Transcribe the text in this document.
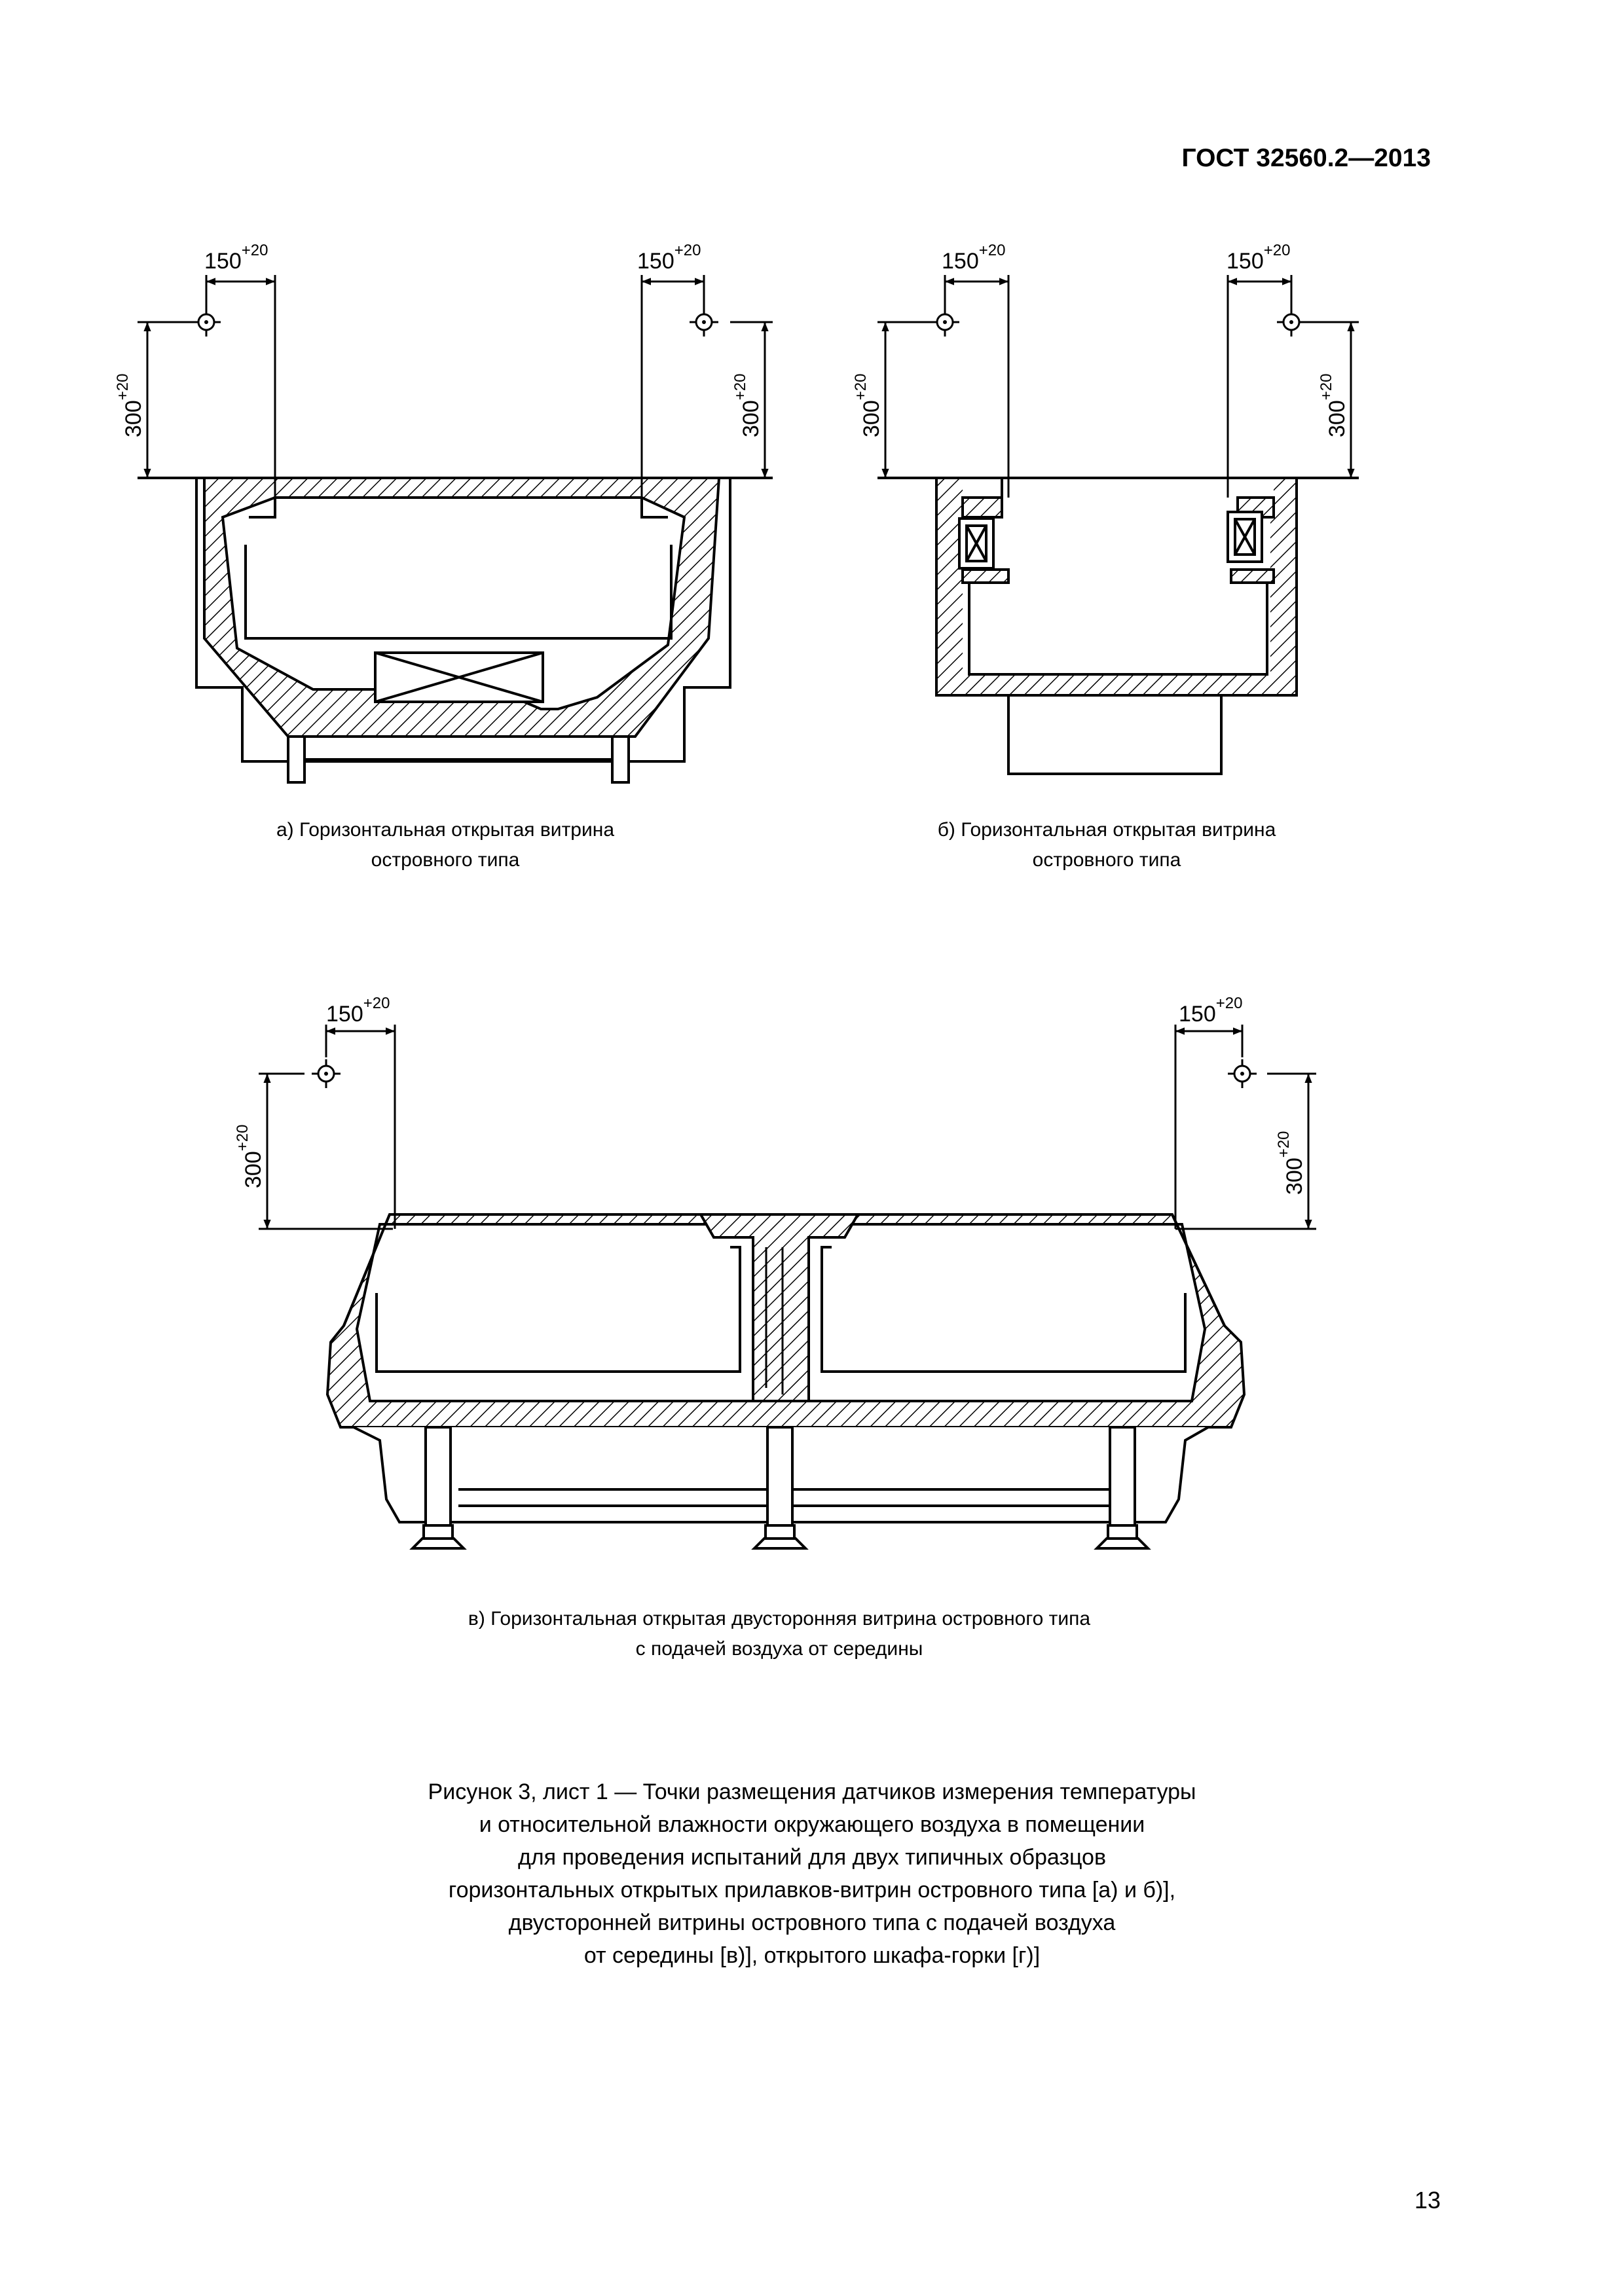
ГОСТ 32560.2—2013
$150^{+20}$	$150^{+20}$
$300^{+20}$
$300^{+20}$
$150^{+20}$	$150^{+20}$
$300^{+20}$
$300^{+20}$
$150^{+20}$	$150^{+20}$
$300^{+20}$
$300^{+20}$
а) Горизонтальная открытая витрина
островного типа
б) Горизонтальная открытая витрина
островного типа
в) Горизонтальная открытая двусторонняя витрина островного типа
с подачей воздуха от середины
Рисунок 3, лист 1 — Точки размещения датчиков измерения температуры
и относительной влажности окружающего воздуха в помещении
для проведения испытаний для двух типичных образцов
горизонтальных открытых прилавков-витрин островного типа [а) и б)],
двусторонней витрины островного типа с подачей воздуха
от середины [в)], открытого шкафа-горки [г)]
13
